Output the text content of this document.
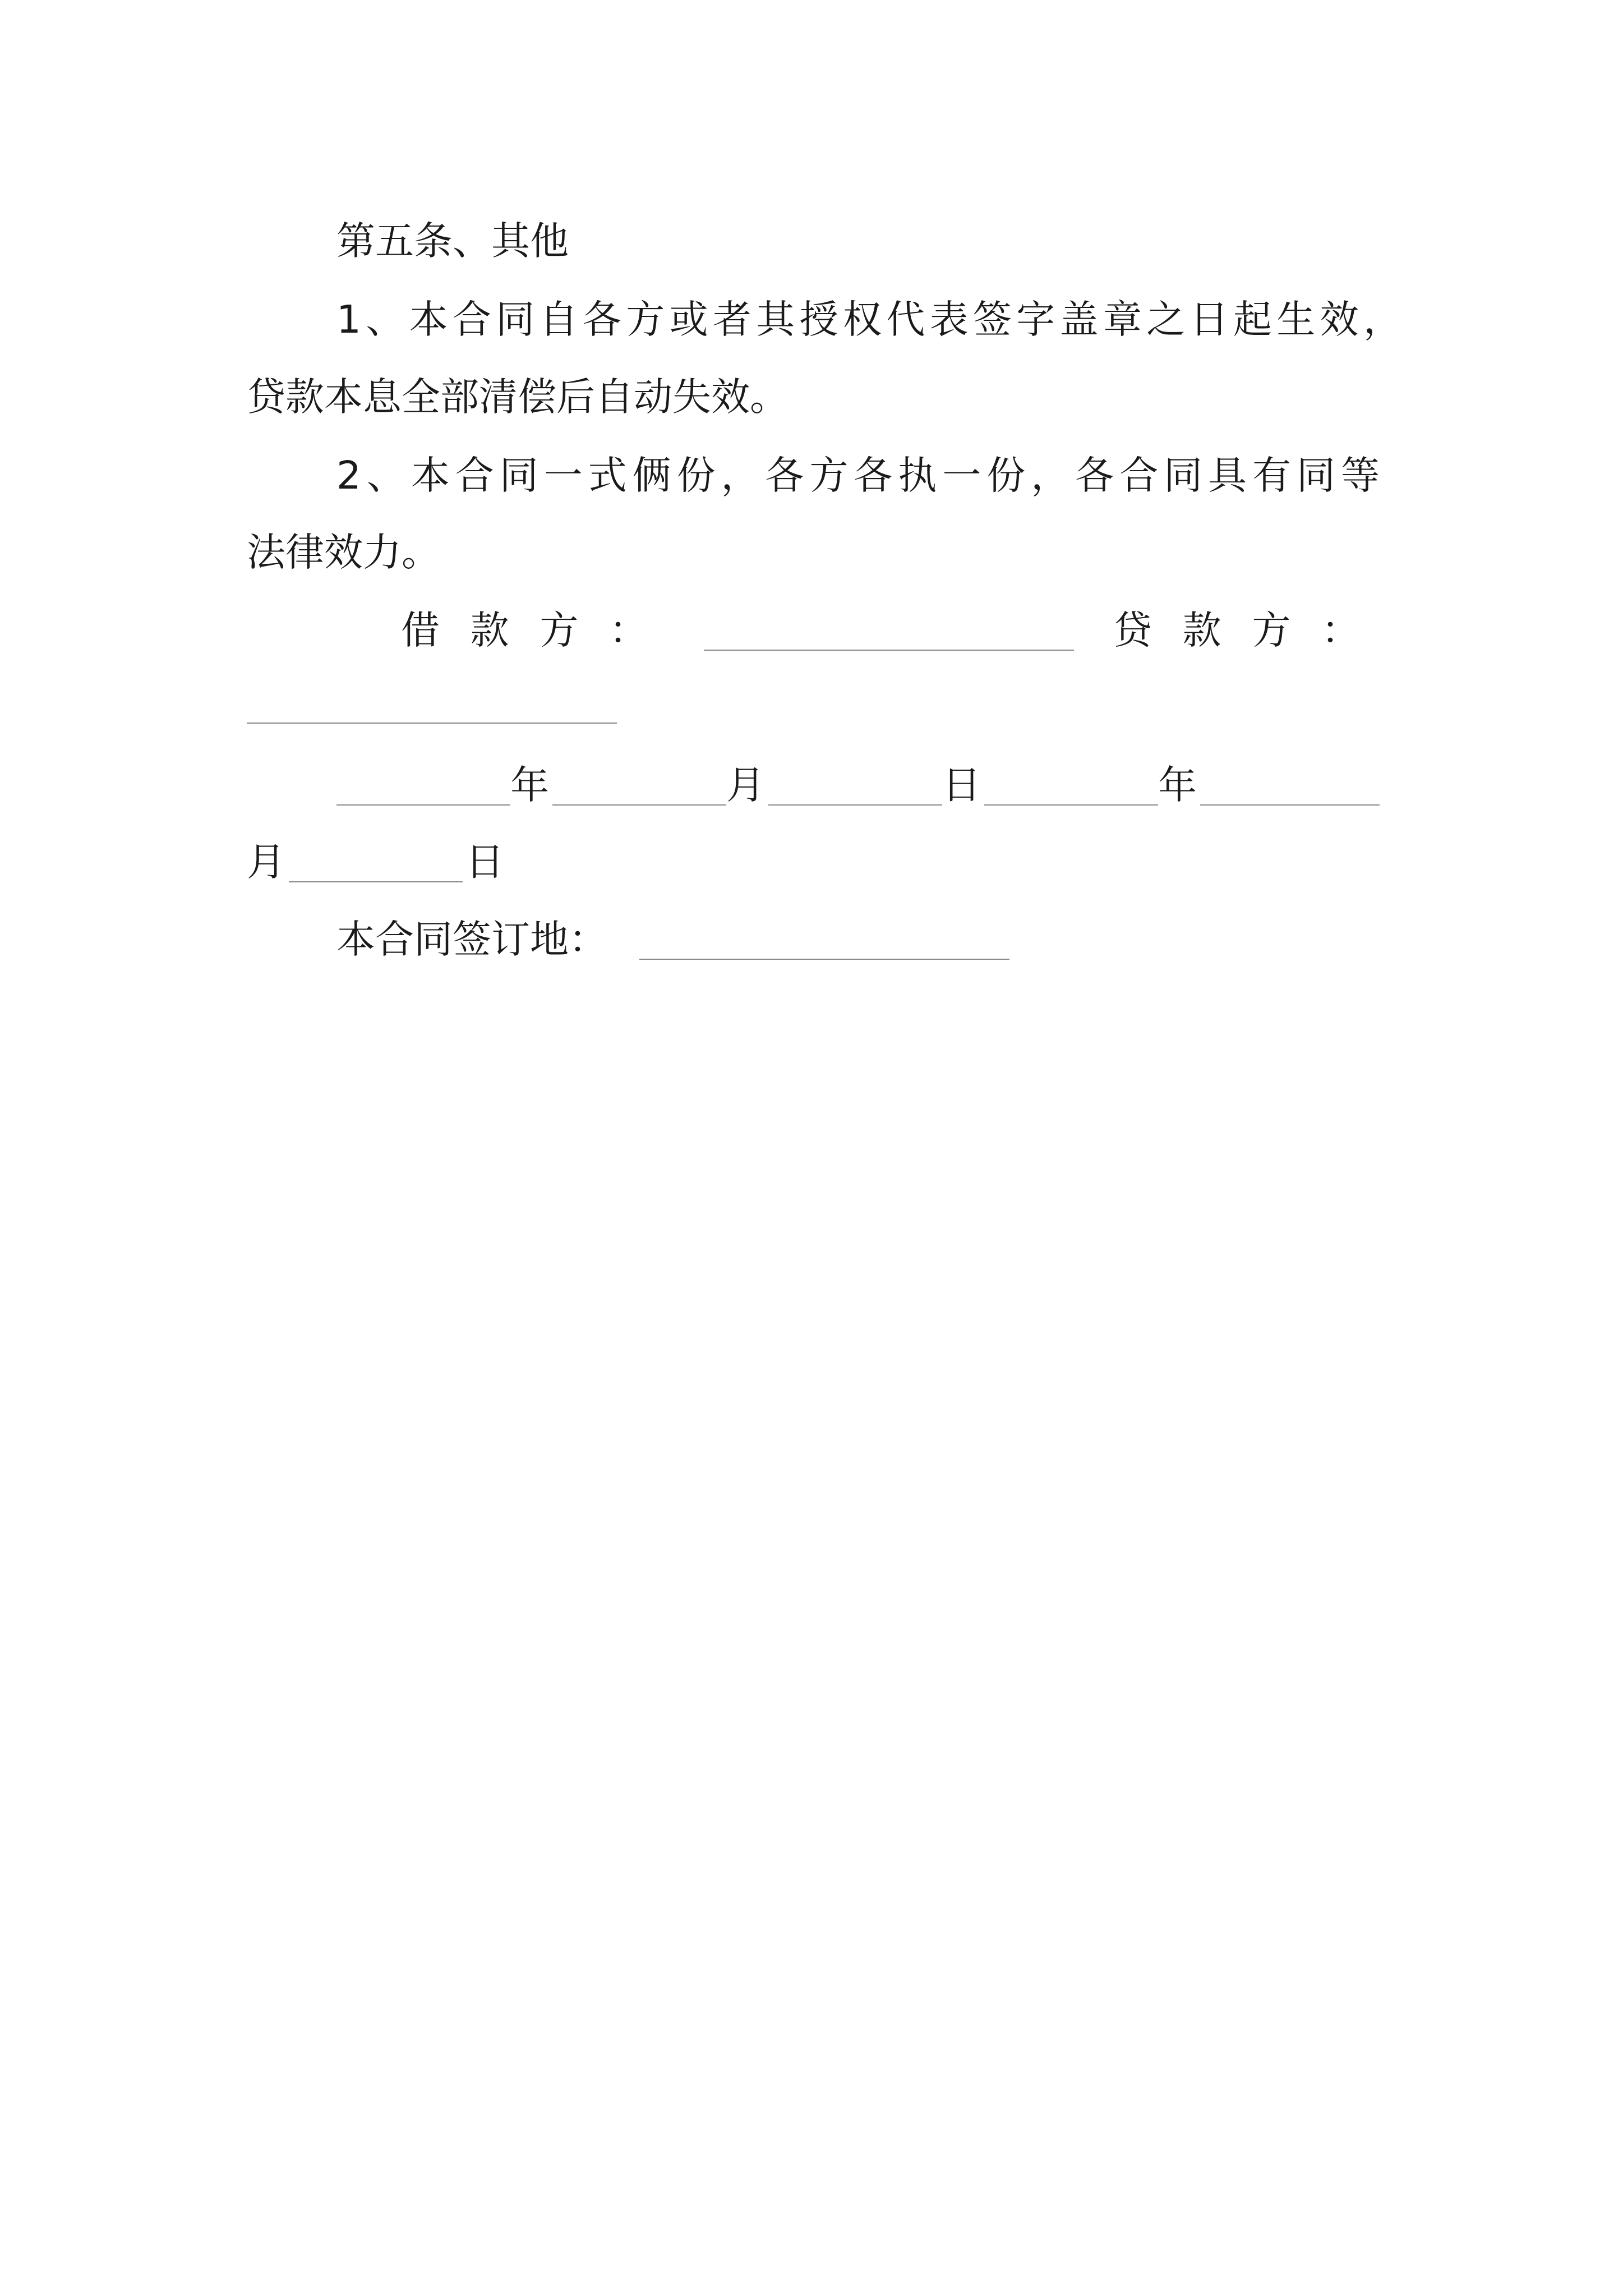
第五条、其他
1、本合同自各方或者其授权代表签字盖章之日起生效，
贷款本息全部清偿后自动失效。
2、本合同一式俩份，各方各执一份，各合同具有同等
法律效力。
借款方：	贷款方：
年	月	日	年
月	日
本合同签订地：
